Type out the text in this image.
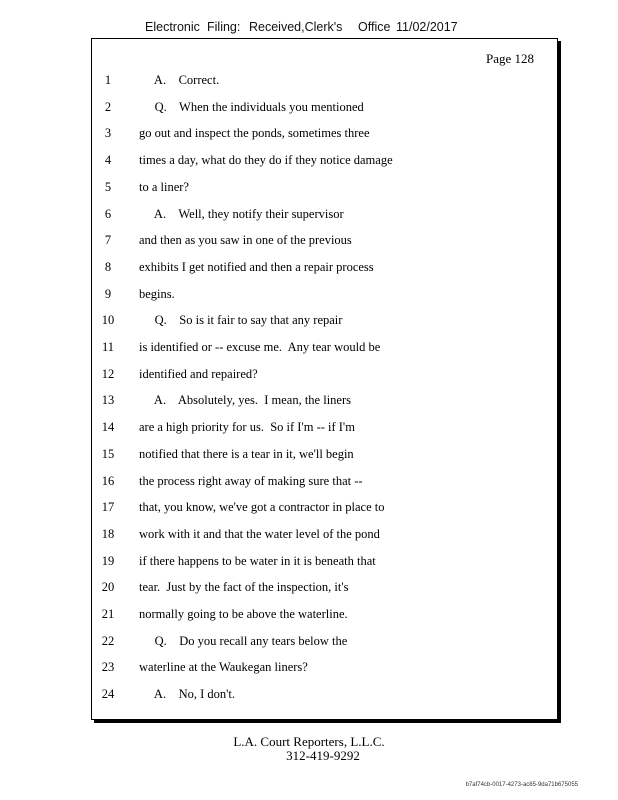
Electronic Filing: Received,Clerk's Office 11/02/2017
Page 128
1	A.    Correct.
2	Q.    When the individuals you mentioned
3	go out and inspect the ponds, sometimes three
4	times a day, what do they do if they notice damage
5	to a liner?
6	A.    Well, they notify their supervisor
7	and then as you saw in one of the previous
8	exhibits I get notified and then a repair process
9	begins.
10	Q.    So is it fair to say that any repair
11	is identified or -- excuse me.  Any tear would be
12	identified and repaired?
13	A.    Absolutely, yes.  I mean, the liners
14	are a high priority for us.  So if I'm -- if I'm
15	notified that there is a tear in it, we'll begin
16	the process right away of making sure that --
17	that, you know, we've got a contractor in place to
18	work with it and that the water level of the pond
19	if there happens to be water in it is beneath that
20	tear.  Just by the fact of the inspection, it's
21	normally going to be above the waterline.
22	Q.    Do you recall any tears below the
23	waterline at the Waukegan liners?
24	A.    No, I don't.
L.A. Court Reporters, L.L.C.
312-419-9292
b7af74cb-0017-4273-ac85-9da71b675055
